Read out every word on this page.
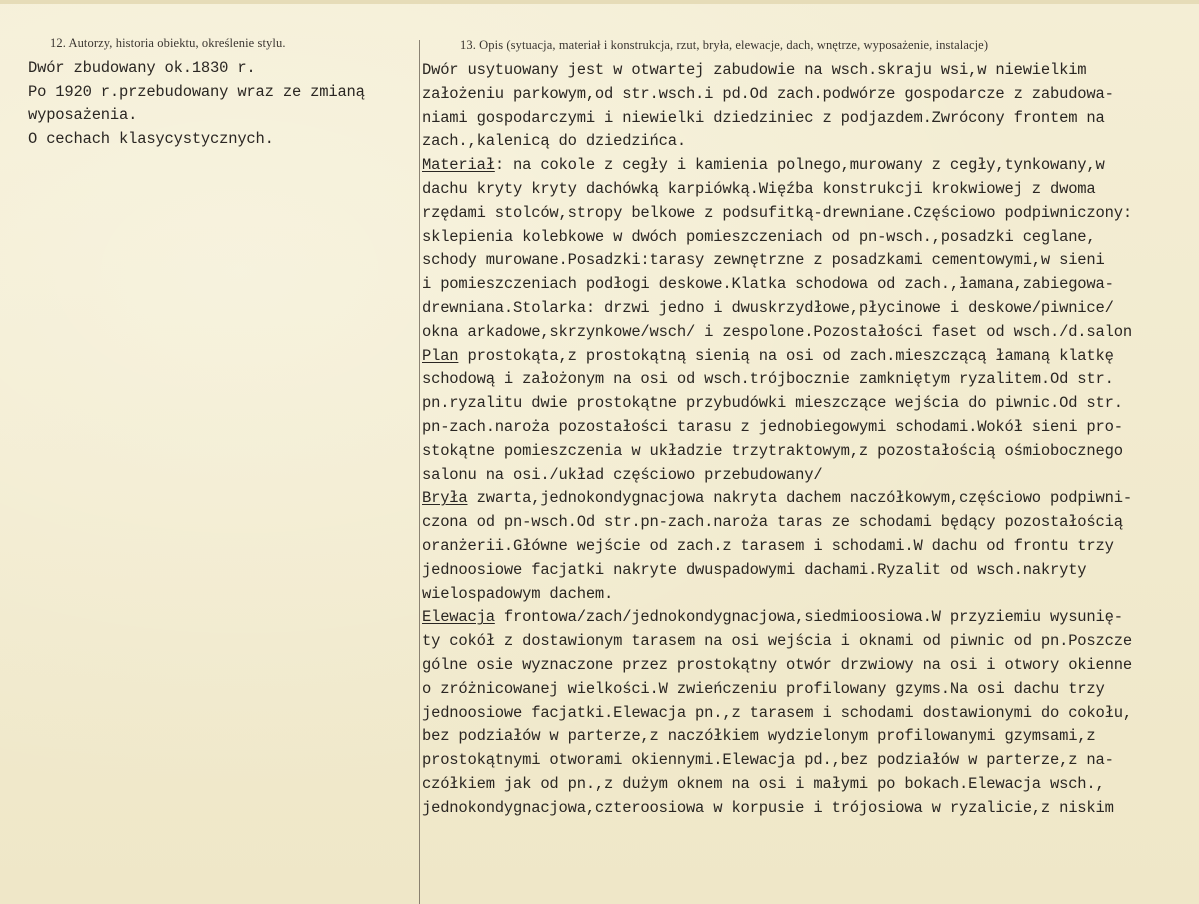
12. Autorzy, historia obiektu, określenie stylu.
Dwór zbudowany ok.1830 r.
Po 1920 r.przebudowany wraz ze zmianą
wyposażenia.
O cechach klasycystycznych.
13. Opis (sytuacja, materiał i konstrukcja, rzut, bryła, elewacje, dach, wnętrze, wyposażenie, instalacje)
Dwór usytuowany jest w otwartej zabudowie na wsch.skraju wsi,w niewielkim
założeniu parkowym,od str.wsch.i pd.Od zach.podwórze gospodarcze z zabudowa-
niami gospodarczymi i niewielki dziedziniec z podjazdem.Zwrócony frontem na
zach.,kalenicą do dziedzińca.
Materiał: na cokole z cegły i kamienia polnego,murowany z cegły,tynkowany,w
dachu kryty kryty dachówką karpiówką.Więźba konstrukcji krokwiowej z dwoma
rzędami stolców,stropy belkowe z podsufitką-drewniane.Częściowo podpiwniczony:
sklepienia kolebkowe w dwóch pomieszczeniach od pn-wsch.,posadzki ceglane,
schody murowane.Posadzki:tarasy zewnętrzne z posadzkami cementowymi,w sieni
i pomieszczeniach podłogi deskowe.Klatka schodowa od zach.,łamana,zabiegowa-
drewniana.Stolarka: drzwi jedno i dwuskrzydłowe,płycinowe i deskowe/piwnice/
okna arkadowe,skrzynkowe/wsch/ i zespolone.Pozostałości faset od wsch./d.salon
Plan prostokąta,z prostokątną sienią na osi od zach.mieszczącą łamaną klatkę
schodową i założonym na osi od wsch.trójbocznie zamkniętym ryzalitem.Od str.
pn.ryzalitu dwie prostokątne przybudówki mieszczące wejścia do piwnic.Od str.
pn-zach.naroża pozostałości tarasu z jednobiegowymi schodami.Wokół sieni pro-
stokątne pomieszczenia w układzie trzytraktowym,z pozostałością ośmiobocznego
salonu na osi./układ częściowo przebudowany/
Bryła zwarta,jednokondygnacjowa nakryta dachem naczółkowym,częściowo podpiwni-
czona od pn-wsch.Od str.pn-zach.naroża taras ze schodami będący pozostałością
oranżerii.Główne wejście od zach.z tarasem i schodami.W dachu od frontu trzy
jednoosiowe facjatki nakryte dwuspadowymi dachami.Ryzalit od wsch.nakryty
wielospadowym dachem.
Elewacja frontowa/zach/jednokondygnacjowa,siedmioosiowa.W przyziemiu wysunię-
ty cokół z dostawionym tarasem na osi wejścia i oknami od piwnic od pn.Poszcze
gólne osie wyznaczone przez prostokątny otwór drzwiowy na osi i otwory okienne
o zróżnicowanej wielkości.W zwieńczeniu profilowany gzyms.Na osi dachu trzy
jednoosiowe facjatki.Elewacja pn.,z tarasem i schodami dostawionymi do cokołu,
bez podziałów w parterze,z naczółkiem wydzielonym profilowanymi gzymsami,z
prostokątnymi otworami okiennymi.Elewacja pd.,bez podziałów w parterze,z na-
czółkiem jak od pn.,z dużym oknem na osi i małymi po bokach.Elewacja wsch.,
jednokondygnacjowa,czteroosiowa w korpusie i trójosiowa w ryzalicie,z niskim
